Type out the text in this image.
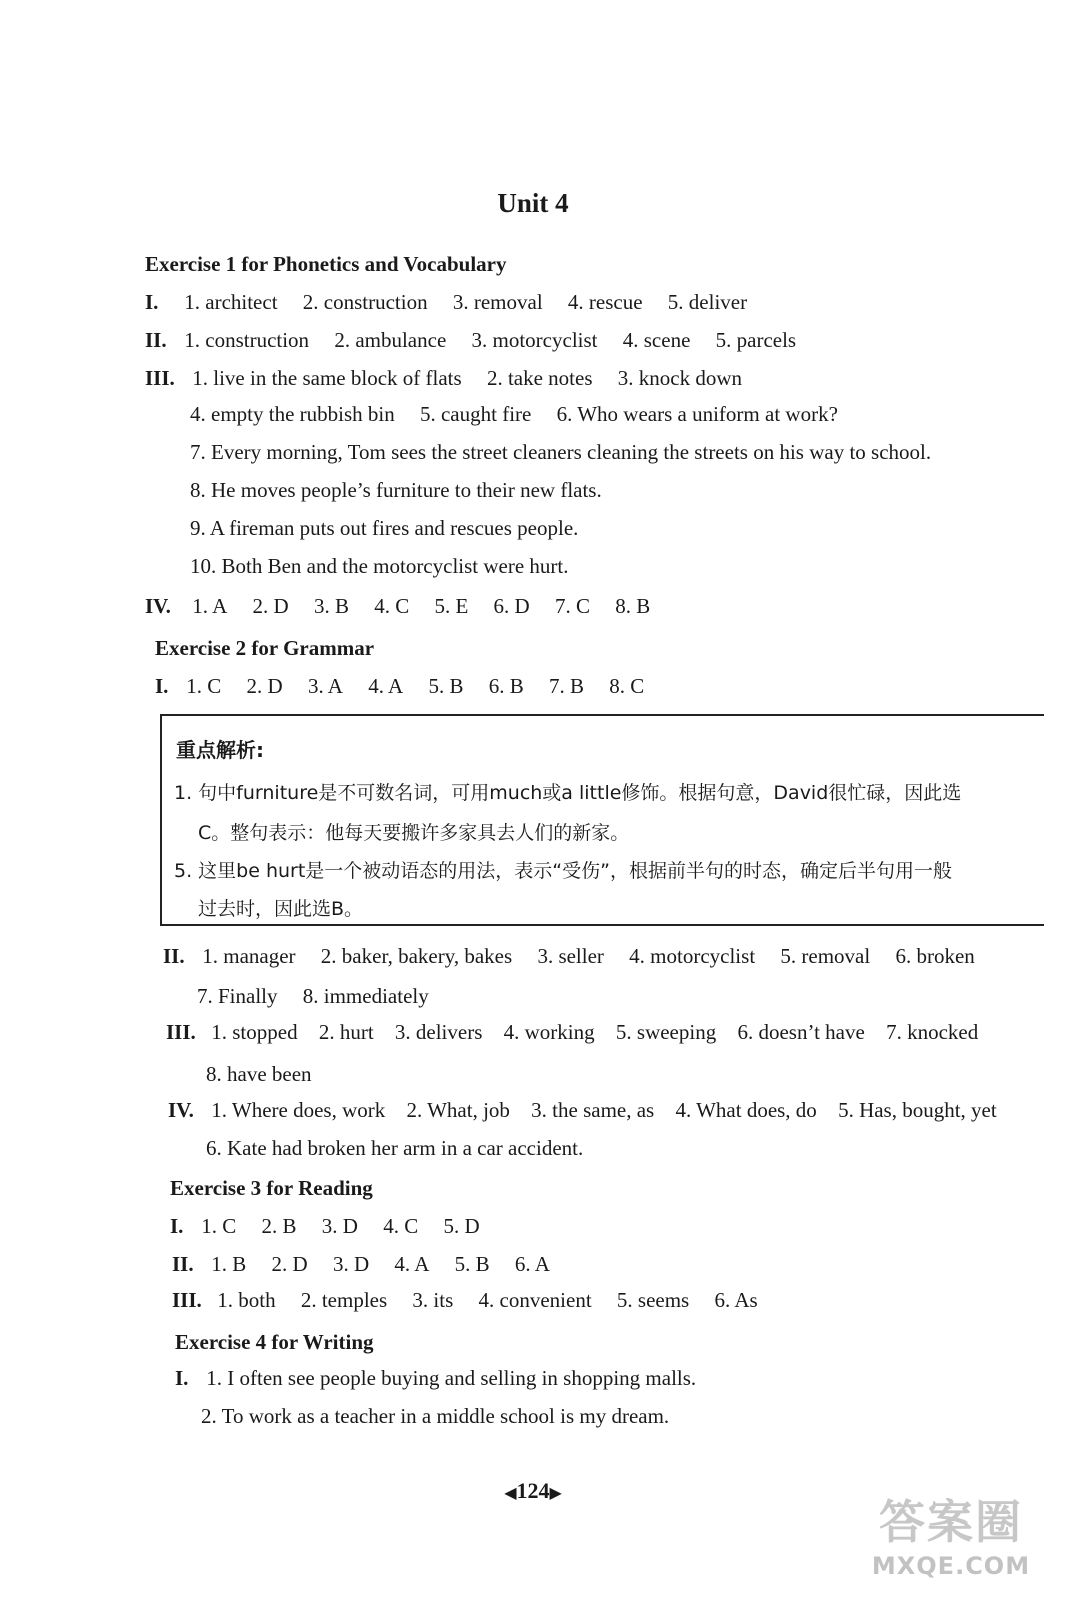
Unit 4
Exercise 1 for Phonetics and Vocabulary
I. 1. architect 2. construction 3. removal 4. rescue 5. deliver
II. 1. construction 2. ambulance 3. motorcyclist 4. scene 5. parcels
III. 1. live in the same block of flats 2. take notes 3. knock down
4. empty the rubbish bin 5. caught fire 6. Who wears a uniform at work?
7. Every morning, Tom sees the street cleaners cleaning the streets on his way to school.
8. He moves people’s furniture to their new flats.
9. A fireman puts out fires and rescues people.
10. Both Ben and the motorcyclist were hurt.
IV. 1. A 2. D 3. B 4. C 5. E 6. D 7. C 8. B
Exercise 2 for Grammar
I. 1. C 2. D 3. A 4. A 5. B 6. B 7. B 8. C
重点解析:
1. 句中furniture是不可数名词，可用much或a little修饰。根据句意，David很忙碌，因此选
C。整句表示：他每天要搬许多家具去人们的新家。
5. 这里be hurt是一个被动语态的用法，表示“受伤”，根据前半句的时态，确定后半句用一般
过去时，因此选B。
II. 1. manager 2. baker, bakery, bakes 3. seller 4. motorcyclist 5. removal 6. broken
7. Finally 8. immediately
III. 1. stopped 2. hurt 3. delivers 4. working 5. sweeping 6. doesn’t have 7. knocked
8. have been
IV. 1. Where does, work 2. What, job 3. the same, as 4. What does, do 5. Has, bought, yet
6. Kate had broken her arm in a car accident.
Exercise 3 for Reading
I. 1. C 2. B 3. D 4. C 5. D
II. 1. B 2. D 3. D 4. A 5. B 6. A
III. 1. both 2. temples 3. its 4. convenient 5. seems 6. As
Exercise 4 for Writing
I. 1. I often see people buying and selling in shopping malls.
2. To work as a teacher in a middle school is my dream.
◀124▶
答案圈
MXQE.COM
